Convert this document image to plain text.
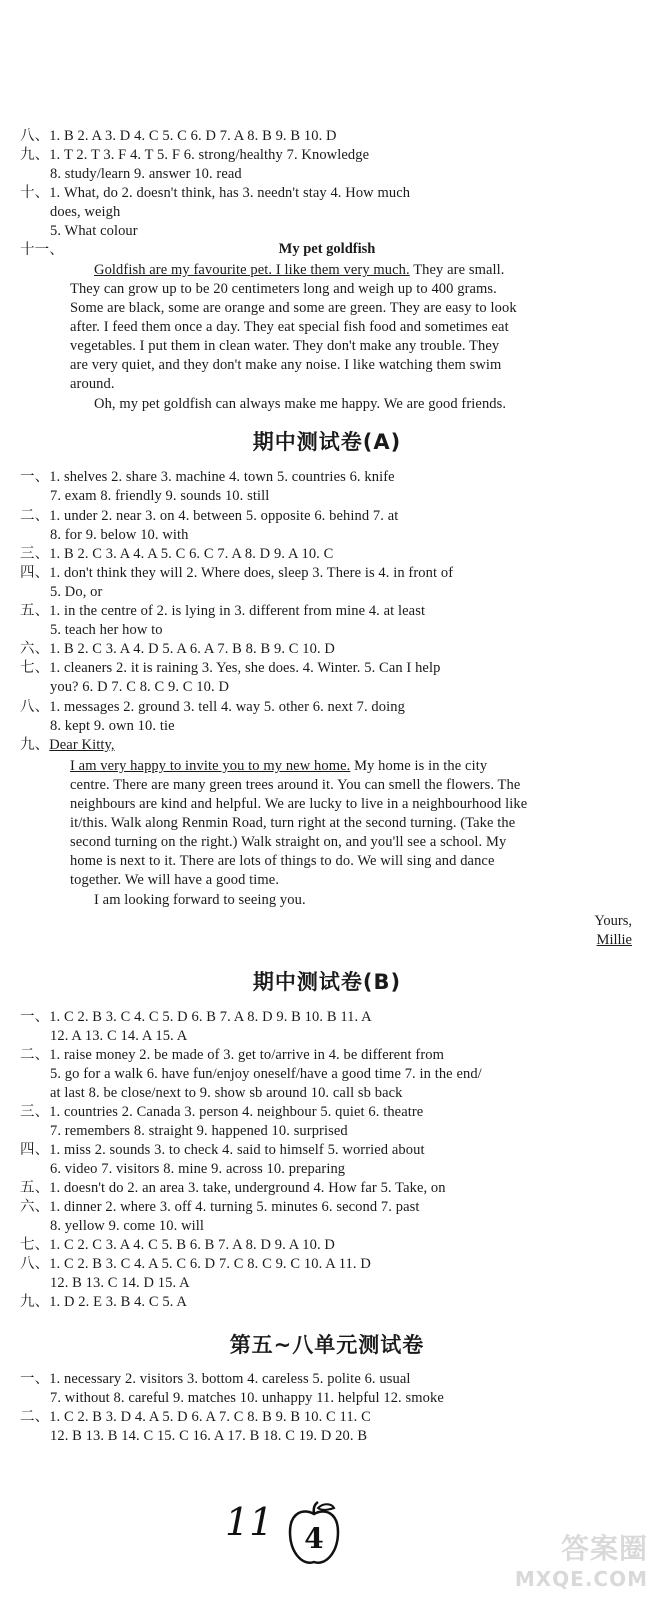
八、1. B 2. A 3. D 4. C 5. C 6. D 7. A 8. B 9. B 10. D
九、1. T 2. T 3. F 4. T 5. F 6. strong/healthy 7. Knowledge
8. study/learn 9. answer 10. read
十、1. What, do 2. doesn't think, has 3. needn't stay 4. How much
does, weigh
5. What colour
十一、	My pet goldfish
Goldfish are my favourite pet. I like them very much. They are small.
They can grow up to be 20 centimeters long and weigh up to 400 grams.
Some are black, some are orange and some are green. They are easy to look
after. I feed them once a day. They eat special fish food and sometimes eat
vegetables. I put them in clean water. They don't make any trouble. They
are very quiet, and they don't make any noise. I like watching them swim
around.
Oh, my pet goldfish can always make me happy. We are good friends.
期中测试卷(A)
一、1. shelves 2. share 3. machine 4. town 5. countries 6. knife
7. exam 8. friendly 9. sounds 10. still
二、1. under 2. near 3. on 4. between 5. opposite 6. behind 7. at
8. for 9. below 10. with
三、1. B 2. C 3. A 4. A 5. C 6. C 7. A 8. D 9. A 10. C
四、1. don't think they will 2. Where does, sleep 3. There is 4. in front of
5. Do, or
五、1. in the centre of 2. is lying in 3. different from mine 4. at least
5. teach her how to
六、1. B 2. C 3. A 4. D 5. A 6. A 7. B 8. B 9. C 10. D
七、1. cleaners 2. it is raining 3. Yes, she does. 4. Winter. 5. Can I help
you? 6. D 7. C 8. C 9. C 10. D
八、1. messages 2. ground 3. tell 4. way 5. other 6. next 7. doing
8. kept 9. own 10. tie
九、Dear Kitty,
I am very happy to invite you to my new home. My home is in the city
centre. There are many green trees around it. You can smell the flowers. The
neighbours are kind and helpful. We are lucky to live in a neighbourhood like
it/this. Walk along Renmin Road, turn right at the second turning. (Take the
second turning on the right.) Walk straight on, and you'll see a school. My
home is next to it. There are lots of things to do. We will sing and dance
together. We will have a good time.
I am looking forward to seeing you.
Yours,
Millie
期中测试卷(B)
一、1. C 2. B 3. C 4. C 5. D 6. B 7. A 8. D 9. B 10. B 11. A
12. A 13. C 14. A 15. A
二、1. raise money 2. be made of 3. get to/arrive in 4. be different from
5. go for a walk 6. have fun/enjoy oneself/have a good time 7. in the end/
at last 8. be close/next to 9. show sb around 10. call sb back
三、1. countries 2. Canada 3. person 4. neighbour 5. quiet 6. theatre
7. remembers 8. straight 9. happened 10. surprised
四、1. miss 2. sounds 3. to check 4. said to himself 5. worried about
6. video 7. visitors 8. mine 9. across 10. preparing
五、1. doesn't do 2. an area 3. take, underground 4. How far 5. Take, on
六、1. dinner 2. where 3. off 4. turning 5. minutes 6. second 7. past
8. yellow 9. come 10. will
七、1. C 2. C 3. A 4. C 5. B 6. B 7. A 8. D 9. A 10. D
八、1. C 2. B 3. C 4. A 5. C 6. D 7. C 8. C 9. C 10. A 11. D
12. B 13. C 14. D 15. A
九、1. D 2. E 3. B 4. C 5. A
第五~八单元测试卷
一、1. necessary 2. visitors 3. bottom 4. careless 5. polite 6. usual
7. without 8. careful 9. matches 10. unhappy 11. helpful 12. smoke
二、1. C 2. B 3. D 4. A 5. D 6. A 7. C 8. B 9. B 10. C 11. C
12. B 13. B 14. C 15. C 16. A 17. B 18. C 19. D 20. B
11 4	答案圈
MXQE.COM
